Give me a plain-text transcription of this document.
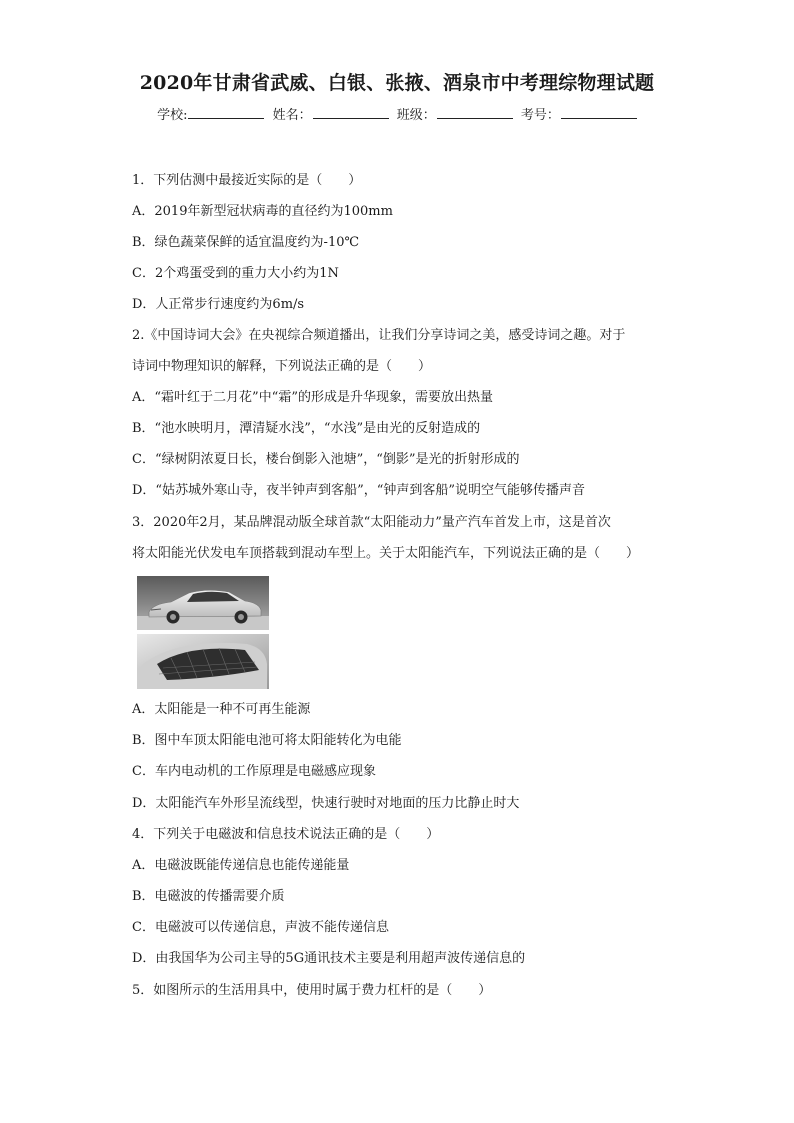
2020年甘肃省武威、白银、张掖、酒泉市中考理综物理试题
学校:	姓名：	班级：	考号：
1．下列估测中最接近实际的是（　　）
A．2019年新型冠状病毒的直径约为100mm
B．绿色蔬菜保鲜的适宜温度约为-10℃
C．2个鸡蛋受到的重力大小约为1N
D．人正常步行速度约为6m/s
2.《中国诗词大会》在央视综合频道播出，让我们分享诗词之美，感受诗词之趣。对于
诗词中物理知识的解释，下列说法正确的是（　　）
A．“霜叶红于二月花”中“霜”的形成是升华现象，需要放出热量
B．“池水映明月，潭清疑水浅”，“水浅”是由光的反射造成的
C．“绿树阴浓夏日长，楼台倒影入池塘”，“倒影”是光的折射形成的
D．“姑苏城外寒山寺，夜半钟声到客船”，“钟声到客船”说明空气能够传播声音
3．2020年2月，某品牌混动版全球首款“太阳能动力”量产汽车首发上市，这是首次
将太阳能光伏发电车顶搭载到混动车型上。关于太阳能汽车，下列说法正确的是（　　）
A．太阳能是一种不可再生能源
B．图中车顶太阳能电池可将太阳能转化为电能
C．车内电动机的工作原理是电磁感应现象
D．太阳能汽车外形呈流线型，快速行驶时对地面的压力比静止时大
4．下列关于电磁波和信息技术说法正确的是（　　）
A．电磁波既能传递信息也能传递能量
B．电磁波的传播需要介质
C．电磁波可以传递信息，声波不能传递信息
D．由我国华为公司主导的5G通讯技术主要是利用超声波传递信息的
5．如图所示的生活用具中，使用时属于费力杠杆的是（　　）
